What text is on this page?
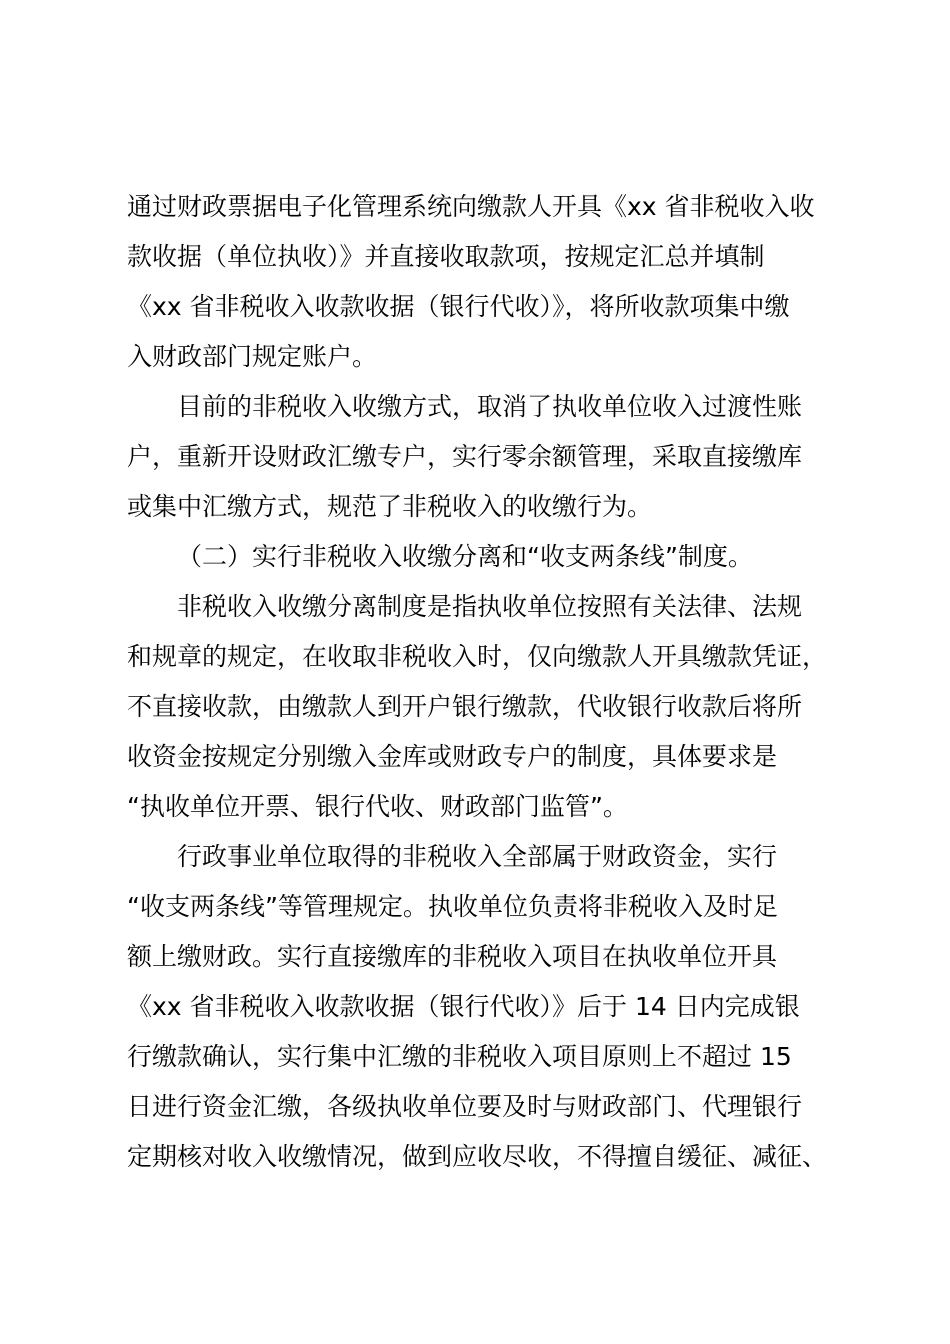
通过财政票据电子化管理系统向缴款人开具《xx 省非税收入收
款收据（单位执收）》并直接收取款项，按规定汇总并填制
《xx 省非税收入收款收据（银行代收）》，将所收款项集中缴
入财政部门规定账户。
目前的非税收入收缴方式，取消了执收单位收入过渡性账
户，重新开设财政汇缴专户，实行零余额管理，采取直接缴库
或集中汇缴方式，规范了非税收入的收缴行为。
（二）实行非税收入收缴分离和“收支两条线”制度。
非税收入收缴分离制度是指执收单位按照有关法律、法规
和规章的规定，在收取非税收入时，仅向缴款人开具缴款凭证，
不直接收款，由缴款人到开户银行缴款，代收银行收款后将所
收资金按规定分别缴入金库或财政专户的制度，具体要求是
“执收单位开票、银行代收、财政部门监管”。
行政事业单位取得的非税收入全部属于财政资金，实行
“收支两条线”等管理规定。执收单位负责将非税收入及时足
额上缴财政。实行直接缴库的非税收入项目在执收单位开具
《xx 省非税收入收款收据（银行代收）》后于 14 日内完成银
行缴款确认，实行集中汇缴的非税收入项目原则上不超过 15
日进行资金汇缴，各级执收单位要及时与财政部门、代理银行
定期核对收入收缴情况，做到应收尽收，不得擅自缓征、减征、
